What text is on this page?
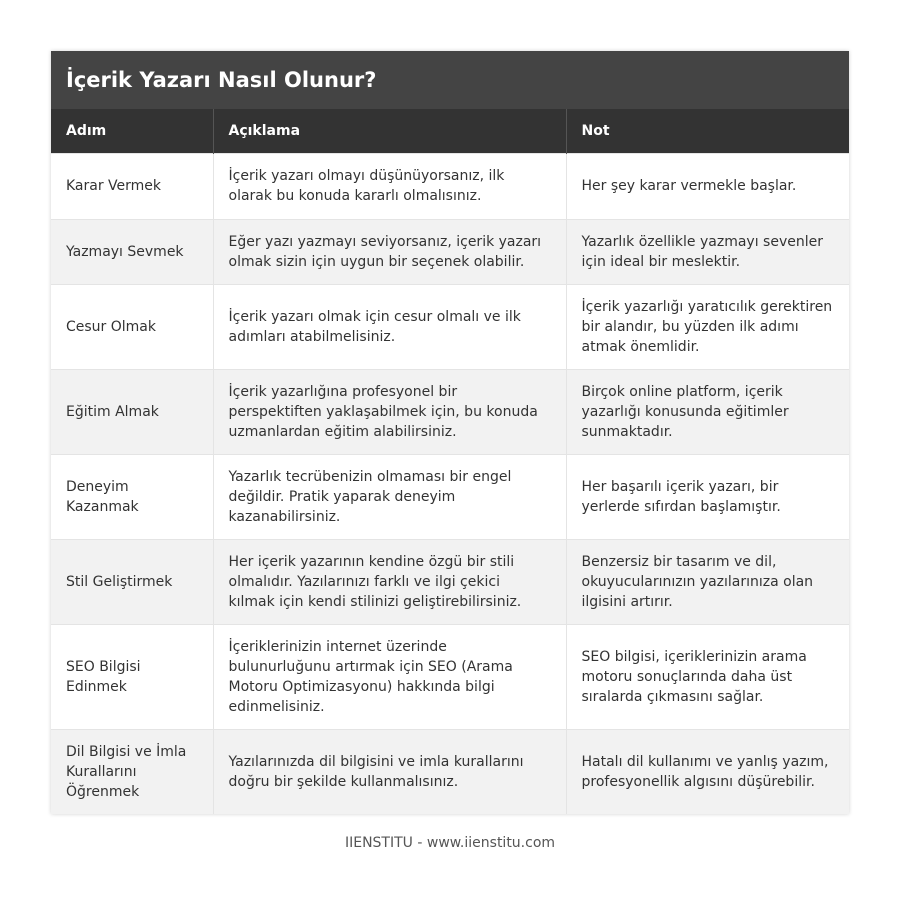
İçerik Yazarı Nasıl Olunur?
Adım	Açıklama	Not
Karar Vermek	İçerik yazarı olmayı düşünüyorsanız, ilk olarak bu konuda kararlı olmalısınız.	Her şey karar vermekle başlar.
Yazmayı Sevmek	Eğer yazı yazmayı seviyorsanız, içerik yazarı olmak sizin için uygun bir seçenek olabilir.	Yazarlık özellikle yazmayı sevenler için ideal bir meslektir.
Cesur Olmak	İçerik yazarı olmak için cesur olmalı ve ilk adımları atabilmelisiniz.	İçerik yazarlığı yaratıcılık gerektiren bir alandır, bu yüzden ilk adımı atmak önemlidir.
Eğitim Almak	İçerik yazarlığına profesyonel bir perspektiften yaklaşabilmek için, bu konuda uzmanlardan eğitim alabilirsiniz.	Birçok online platform, içerik yazarlığı konusunda eğitimler sunmaktadır.
Deneyim Kazanmak	Yazarlık tecrübenizin olmaması bir engel değildir. Pratik yaparak deneyim kazanabilirsiniz.	Her başarılı içerik yazarı, bir yerlerde sıfırdan başlamıştır.
Stil Geliştirmek	Her içerik yazarının kendine özgü bir stili olmalıdır. Yazılarınızı farklı ve ilgi çekici kılmak için kendi stilinizi geliştirebilirsiniz.	Benzersiz bir tasarım ve dil, okuyucularınızın yazılarınıza olan ilgisini artırır.
SEO Bilgisi Edinmek	İçeriklerinizin internet üzerinde bulunurluğunu artırmak için SEO (Arama Motoru Optimizasyonu) hakkında bilgi edinmelisiniz.	SEO bilgisi, içeriklerinizin arama motoru sonuçlarında daha üst sıralarda çıkmasını sağlar.
Dil Bilgisi ve İmla Kurallarını Öğrenmek	Yazılarınızda dil bilgisini ve imla kurallarını doğru bir şekilde kullanmalısınız.	Hatalı dil kullanımı ve yanlış yazım, profesyonellik algısını düşürebilir.
IIENSTITU - www.iienstitu.com
